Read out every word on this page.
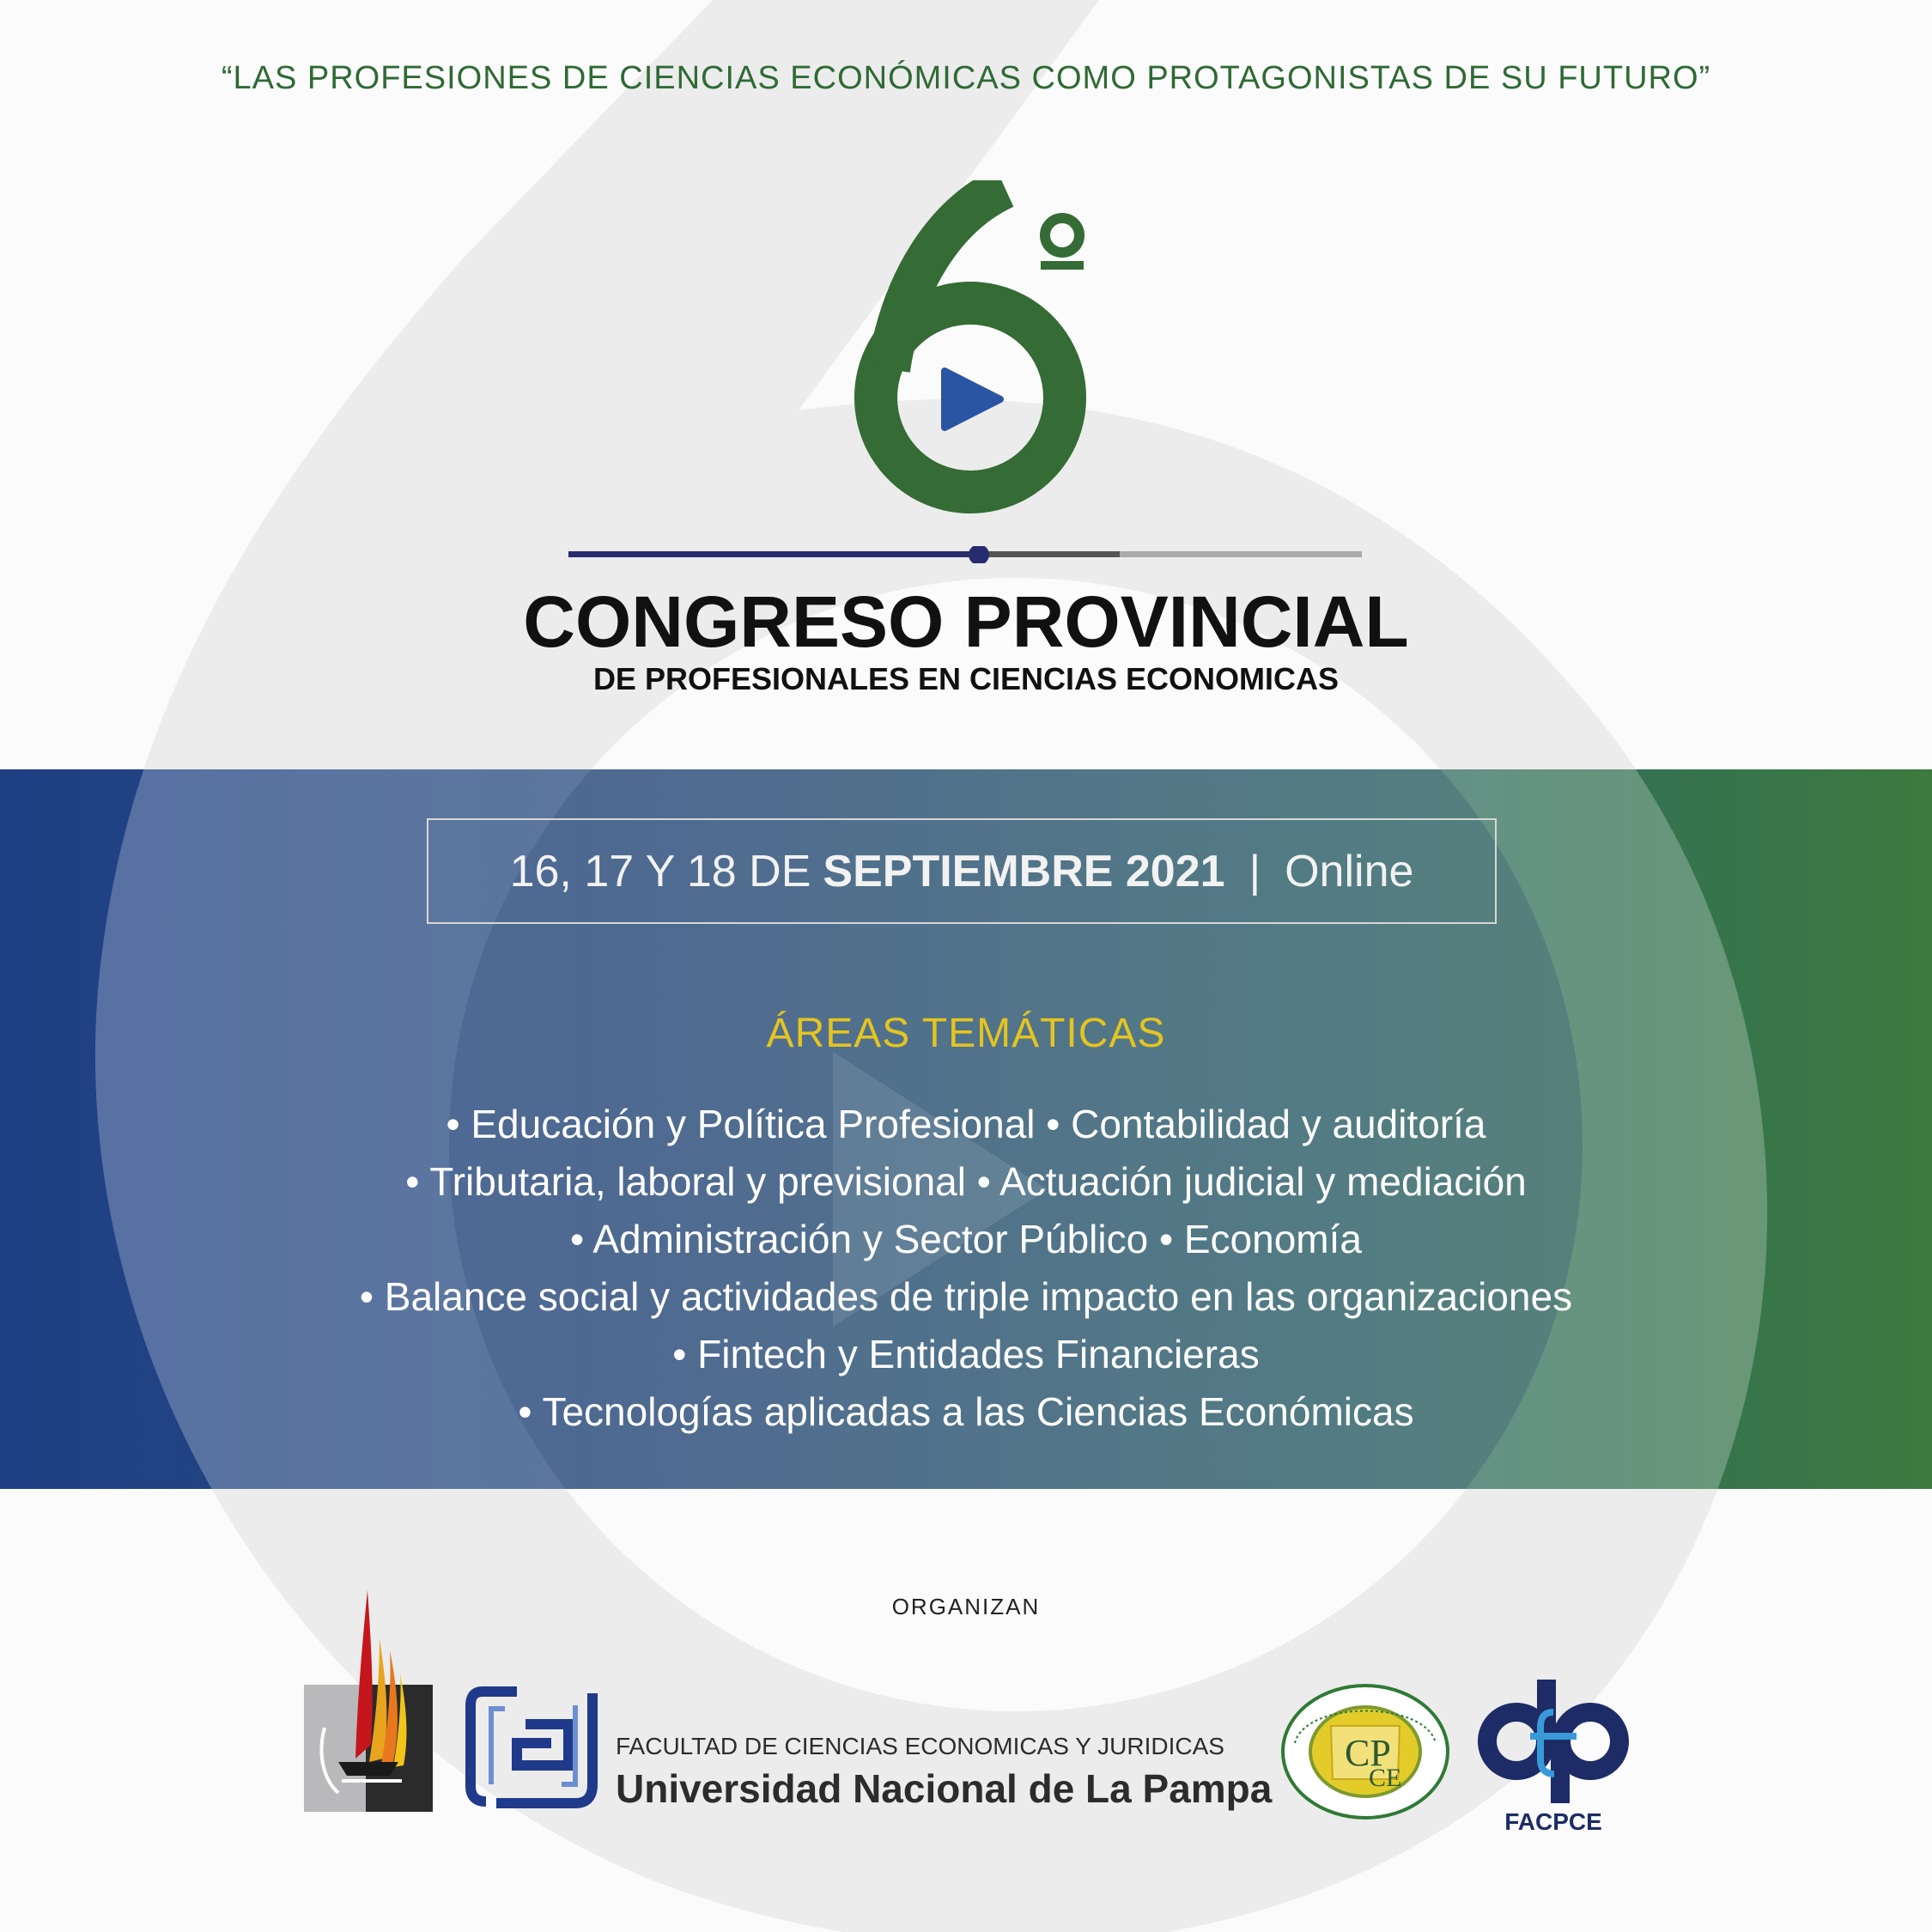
“LAS PROFESIONES DE CIENCIAS ECONÓMICAS COMO PROTAGONISTAS DE SU FUTURO”
CONGRESO PROVINCIAL
DE PROFESIONALES EN CIENCIAS ECONOMICAS
16, 17 Y 18 DE SEPTIEMBRE 2021 | Online
ÁREAS TEMÁTICAS
• Educación y Política Profesional • Contabilidad y auditoría
• Tributaria, laboral y previsional • Actuación judicial y mediación
• Administración y Sector Público • Economía
• Balance social y actividades de triple impacto en las organizaciones
• Fintech y Entidades Financieras
• Tecnologías aplicadas a las Ciencias Económicas
ORGANIZAN
FACULTAD DE CIENCIAS ECONOMICAS Y JURIDICAS
Universidad Nacional de La Pampa
CP
CE
FACPCE
